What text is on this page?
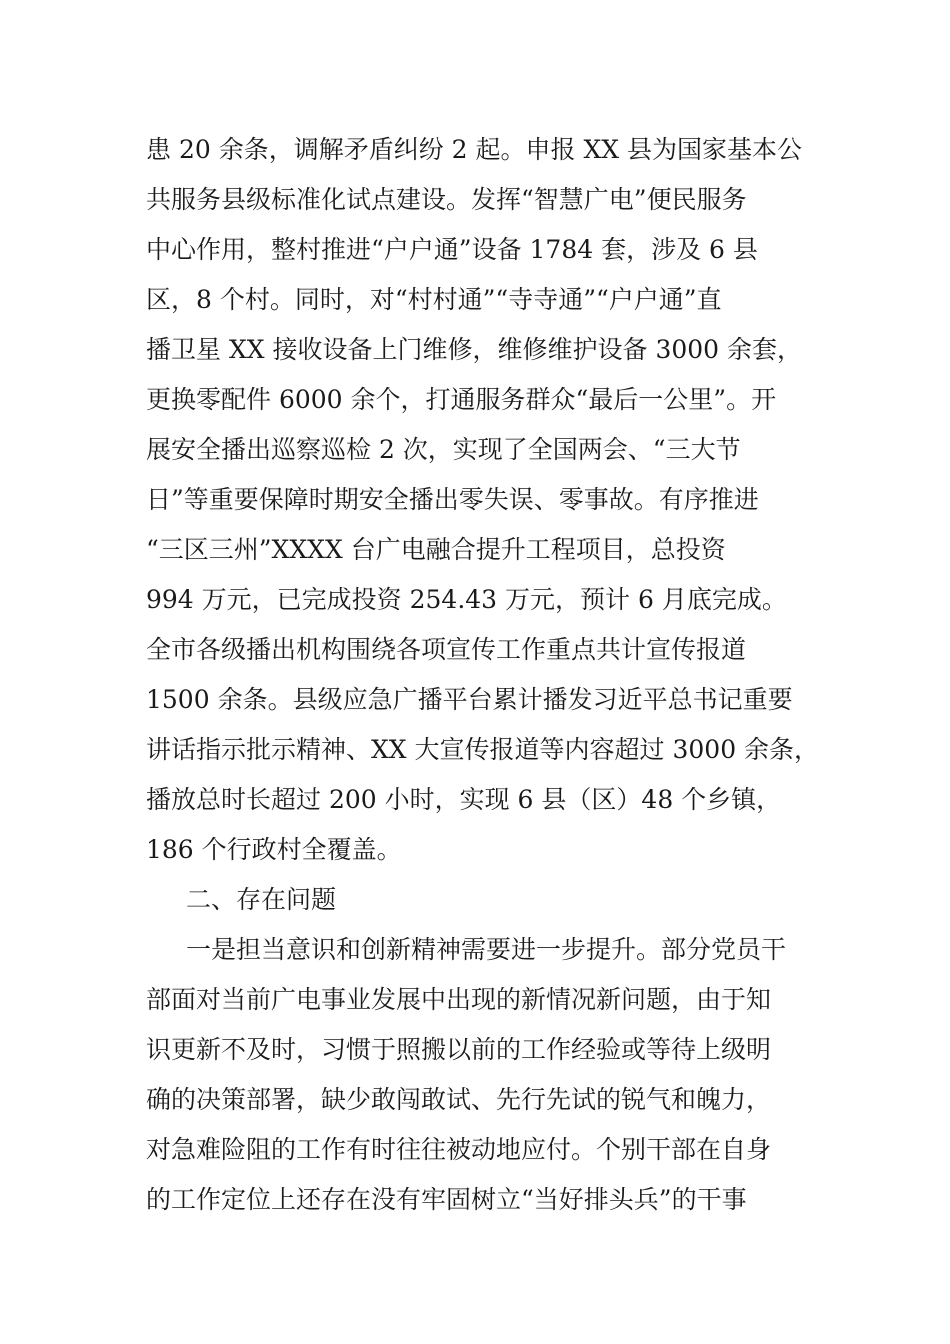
患 20 余条，调解矛盾纠纷 2 起。申报 XX 县为国家基本公
共服务县级标准化试点建设。发挥“智慧广电”便民服务
中心作用，整村推进“户户通”设备 1784 套，涉及 6 县
区，8 个村。同时，对“村村通”“寺寺通”“户户通”直
播卫星 XX 接收设备上门维修，维修维护设备 3000 余套，
更换零配件 6000 余个，打通服务群众“最后一公里”。开
展安全播出巡察巡检 2 次，实现了全国两会、“三大节
日”等重要保障时期安全播出零失误、零事故。有序推进
“三区三州”XXXX 台广电融合提升工程项目，总投资
994 万元，已完成投资 254.43 万元，预计 6 月底完成。
全市各级播出机构围绕各项宣传工作重点共计宣传报道
1500 余条。县级应急广播平台累计播发习近平总书记重要
讲话指示批示精神、XX 大宣传报道等内容超过 3000 余条，
播放总时长超过 200 小时，实现 6 县（区）48 个乡镇，
186 个行政村全覆盖。
二、存在问题
一是担当意识和创新精神需要进一步提升。部分党员干
部面对当前广电事业发展中出现的新情况新问题，由于知
识更新不及时，习惯于照搬以前的工作经验或等待上级明
确的决策部署，缺少敢闯敢试、先行先试的锐气和魄力，
对急难险阻的工作有时往往被动地应付。个别干部在自身
的工作定位上还存在没有牢固树立“当好排头兵”的干事
